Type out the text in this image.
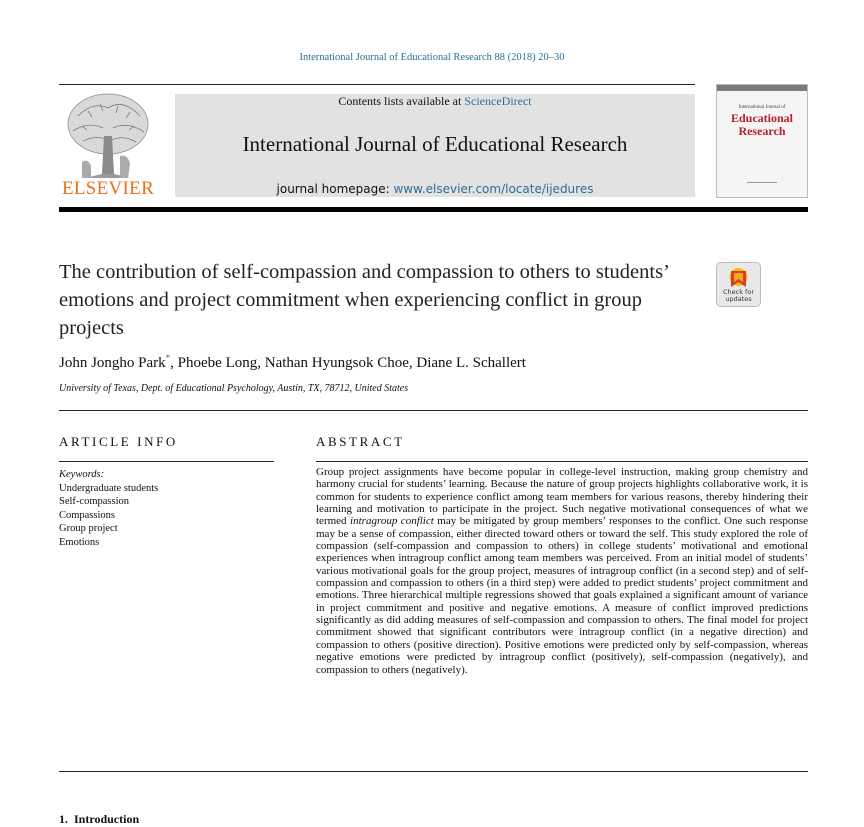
International Journal of Educational Research 88 (2018) 20–30
ELSEVIER
Contents lists available at ScienceDirect
International Journal of Educational Research
journal homepage: www.elsevier.com/locate/ijedures
International Journal of
Educational
Research
The contribution of self-compassion and compassion to others to students’ emotions and project commitment when experiencing conflict in group projects
Check for updates
John Jongho Park*, Phoebe Long, Nathan Hyungsok Choe, Diane L. Schallert
University of Texas, Dept. of Educational Psychology, Austin, TX, 78712, United States
ARTICLE INFO
Keywords:
Undergraduate students
Self-compassion
Compassions
Group project
Emotions
ABSTRACT

Group project assignments have become popular in college-level instruction, making group chemistry and harmony crucial for students’ learning. Because the nature of group projects highlights collaborative work, it is common for students to experience conflict among team members for various reasons, thereby hindering their learning and motivation to participate in the project. Such negative motivational consequences of what we termed intragroup conflict may be mitigated by group members’ responses to the conflict. One such response may be a sense of compassion, either directed toward others or toward the self. This study explored the role of compassion (self-compassion and compassion to others) in college students’ motivational and emotional experiences when intragroup conflict among team members was perceived. From an initial model of students’ various motivational goals for the group project, measures of intragroup conflict (in a second step) and of self-compassion and compassion to others (in a third step) were added to predict students’ project commitment and emotions. Three hierarchical multiple regressions showed that goals explained a significant amount of variance in project commitment and positive and negative emotions. A measure of conflict improved predictions significantly as did adding measures of self-compassion and compassion to others. The final model for project commitment showed that significant contributors were intragroup conflict (in a negative direction) and compassion to others (positive direction). Positive emotions were predicted only by self-compassion, whereas negative emotions were predicted by intragroup conflict (positively), self-compassion (negatively), and compassion to others (negatively).

1. Introduction
